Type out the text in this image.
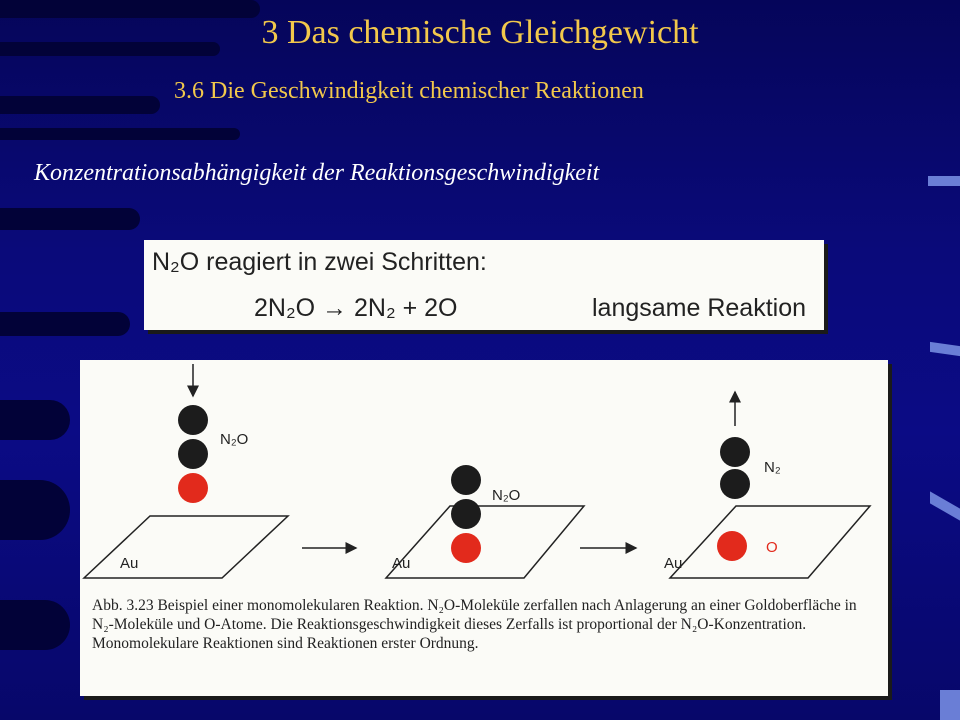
3 Das chemische Gleichgewicht
3.6 Die Geschwindigkeit chemischer Reaktionen
Konzentrationsabhängigkeit der Reaktionsgeschwindigkeit
N₂O reagiert in zwei Schritten:
2N₂O → 2N₂ + 2O	langsame Reaktion
N₂O
N₂O
N₂
O
Au	Au	Au
Abb. 3.23 Beispiel einer monomolekularen Reaktion. N₂O-Moleküle zerfallen nach Anlagerung an einer Goldoberfläche in N₂-Moleküle und O-Atome. Die Reaktionsgeschwindigkeit dieses Zerfalls ist proportional der N₂O-Konzentration. Monomolekulare Reaktionen sind Reaktionen erster Ordnung.
